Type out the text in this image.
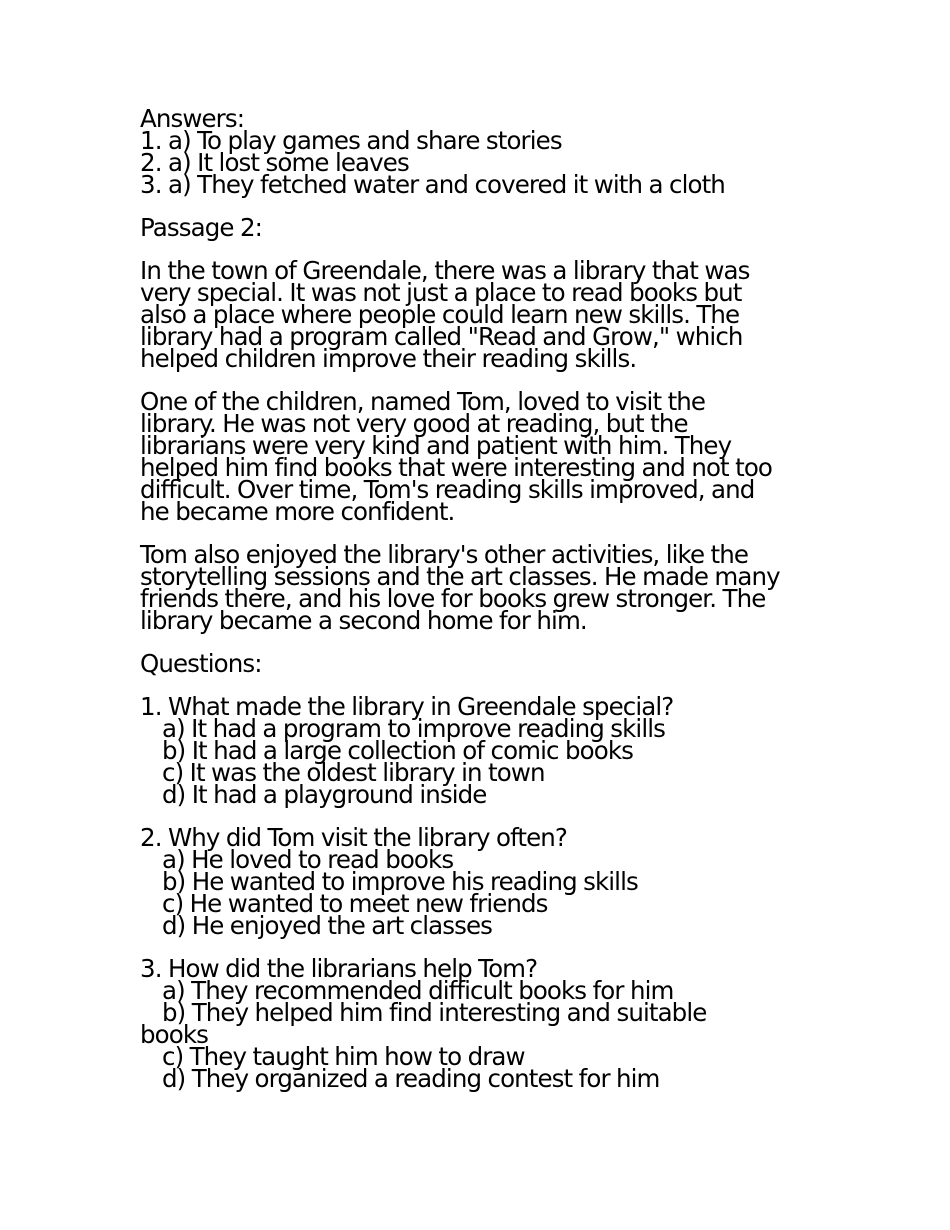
Answers:
1. a) To play games and share stories
2. a) It lost some leaves
3. a) They fetched water and covered it with a cloth
Passage 2:
In the town of Greendale, there was a library that was
very special. It was not just a place to read books but
also a place where people could learn new skills. The
library had a program called "Read and Grow," which
helped children improve their reading skills.
One of the children, named Tom, loved to visit the
library. He was not very good at reading, but the
librarians were very kind and patient with him. They
helped him find books that were interesting and not too
difficult. Over time, Tom's reading skills improved, and
he became more confident.
Tom also enjoyed the library's other activities, like the
storytelling sessions and the art classes. He made many
friends there, and his love for books grew stronger. The
library became a second home for him.
Questions:
1. What made the library in Greendale special?
a) It had a program to improve reading skills
b) It had a large collection of comic books
c) It was the oldest library in town
d) It had a playground inside
2. Why did Tom visit the library often?
a) He loved to read books
b) He wanted to improve his reading skills
c) He wanted to meet new friends
d) He enjoyed the art classes
3. How did the librarians help Tom?
a) They recommended difficult books for him
b) They helped him find interesting and suitable
books
c) They taught him how to draw
d) They organized a reading contest for him
